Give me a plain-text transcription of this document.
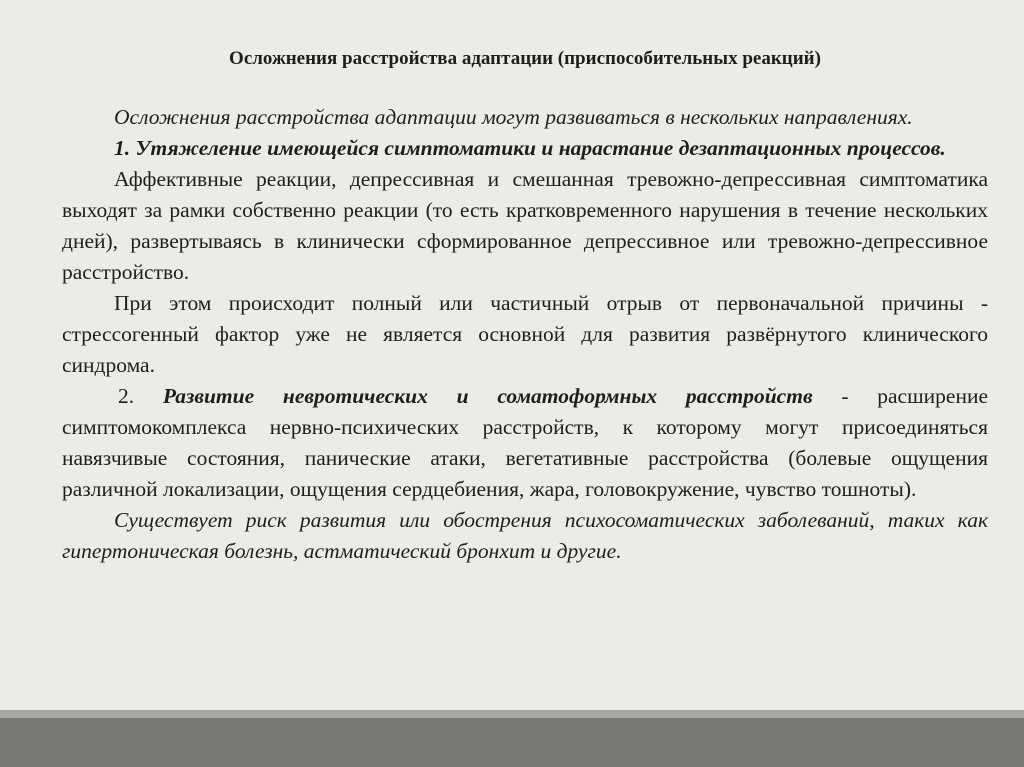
Осложнения расстройства адаптации (приспособительных реакций)

Осложнения расстройства адаптации могут развиваться в нескольких направлениях.

1. Утяжеление имеющейся симптоматики и нарастание дезаптационных процессов.

Аффективные реакции, депрессивная и смешанная тревожно-депрессивная симптоматика выходят за рамки собственно реакции (то есть кратковременного нарушения в течение нескольких дней), развертываясь в клинически сформированное депрессивное или тревожно-депрессивное расстройство.

При этом происходит полный или частичный отрыв от первоначальной причины - стрессогенный фактор уже не является основной для развития развёрнутого клинического синдрома.

2. Развитие невротических и соматоформных расстройств - расширение симптомокомплекса нервно-психических расстройств, к которому могут присоединяться навязчивые состояния, панические атаки, вегетативные расстройства (болевые ощущения различной локализации, ощущения сердцебиения, жара, головокружение, чувство тошноты).

Существует риск развития или обострения психосоматических заболеваний, таких как гипертоническая болезнь, астматический бронхит и другие.
